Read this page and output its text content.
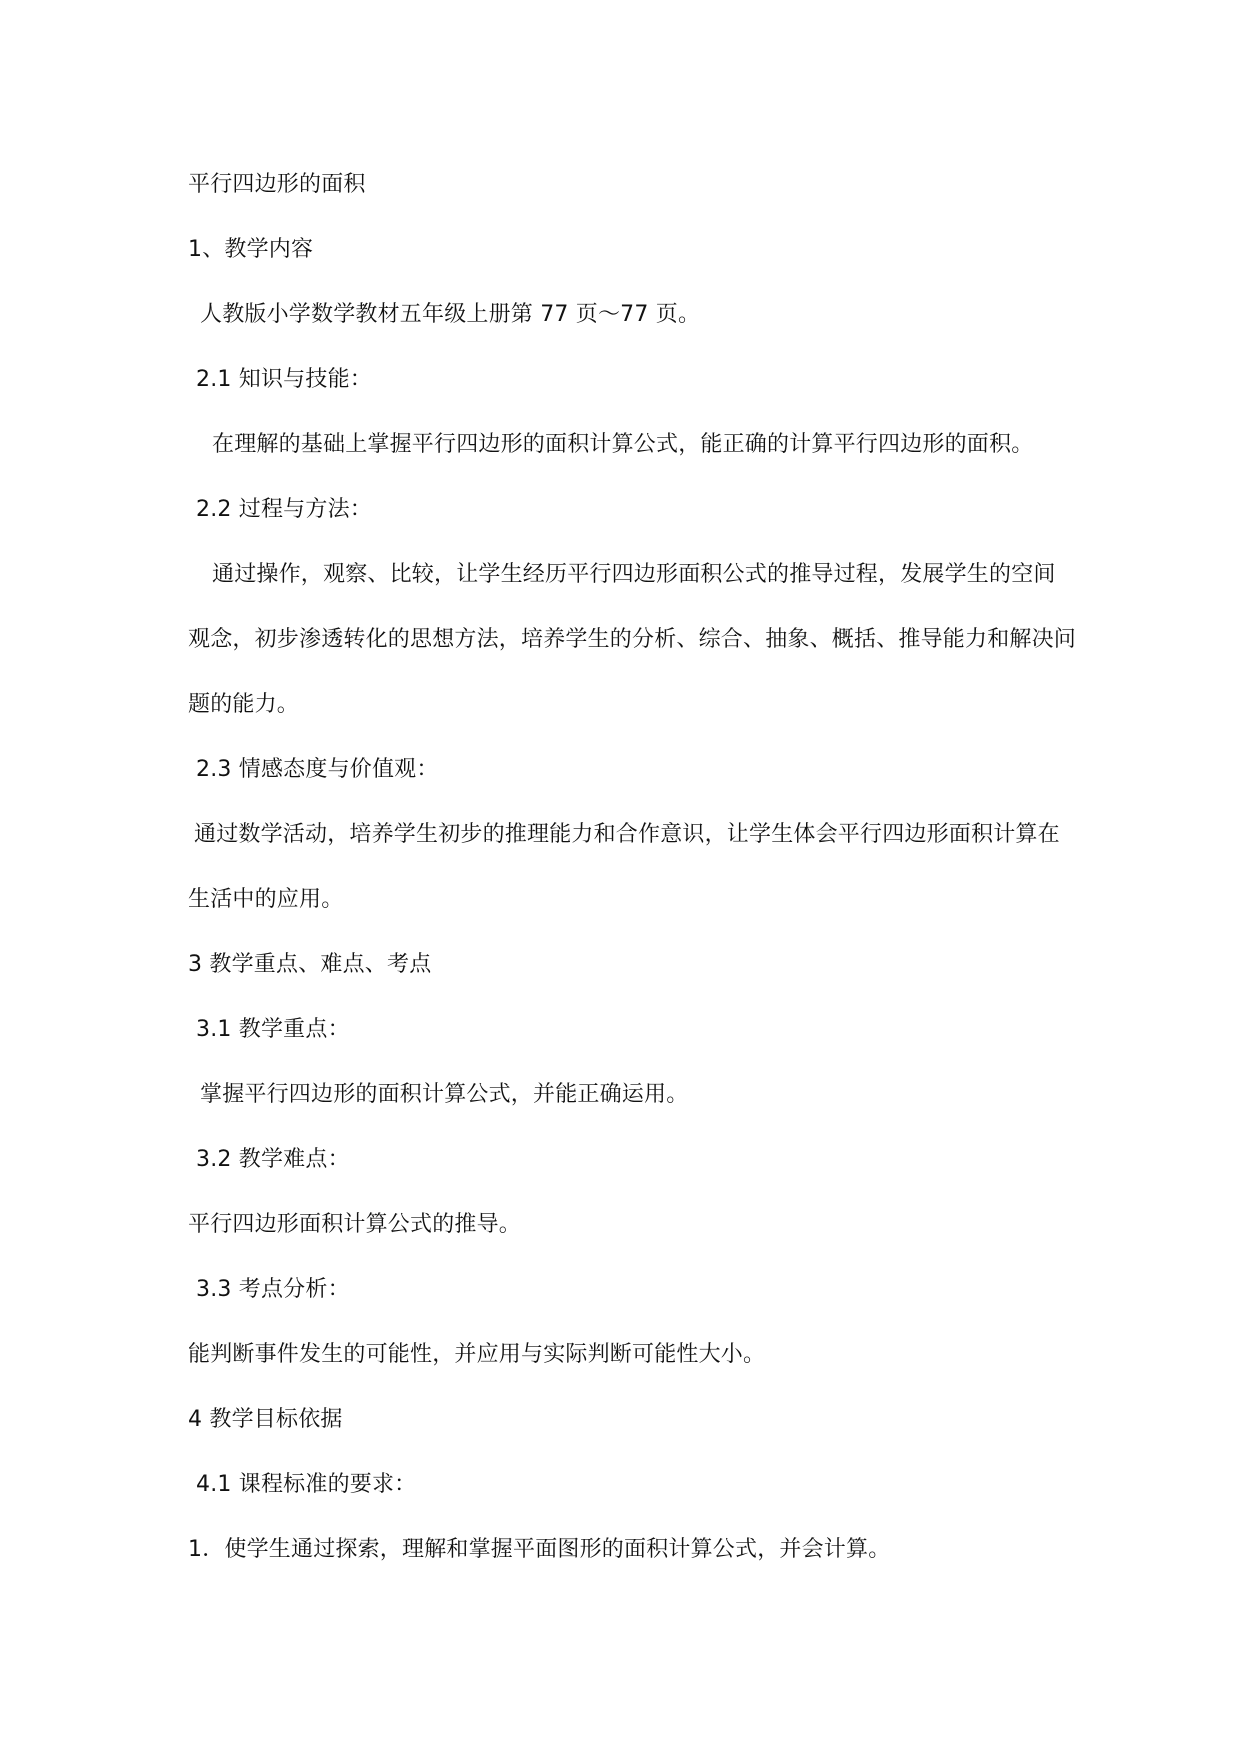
平行四边形的面积
1、教学内容
人教版小学数学教材五年级上册第 77 页～77 页。
2.1 知识与技能：
在理解的基础上掌握平行四边形的面积计算公式，能正确的计算平行四边形的面积。
2.2 过程与方法：
通过操作，观察、比较，让学生经历平行四边形面积公式的推导过程，发展学生的空间
观念，初步渗透转化的思想方法，培养学生的分析、综合、抽象、概括、推导能力和解决问
题的能力。
2.3 情感态度与价值观：
通过数学活动，培养学生初步的推理能力和合作意识，让学生体会平行四边形面积计算在
生活中的应用。
3 教学重点、难点、考点
3.1 教学重点：
掌握平行四边形的面积计算公式，并能正确运用。
3.2 教学难点：
平行四边形面积计算公式的推导。
3.3 考点分析：
能判断事件发生的可能性，并应用与实际判断可能性大小。
4 教学目标依据
4.1 课程标准的要求：
1．使学生通过探索，理解和掌握平面图形的面积计算公式，并会计算。
